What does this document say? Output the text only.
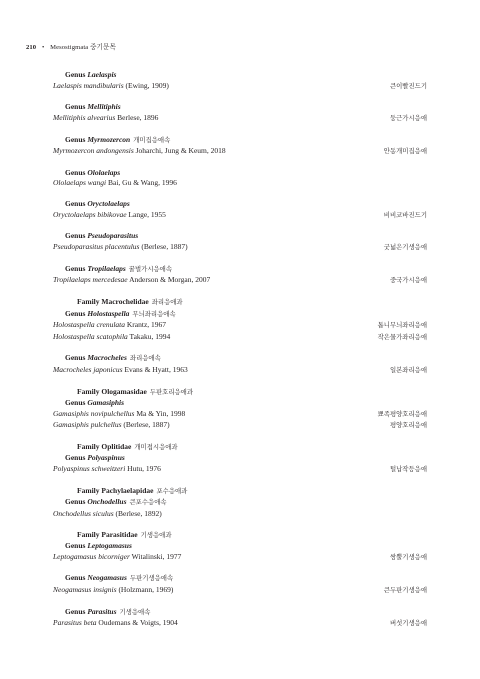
210 • Mesostigmata 중기문목
Genus Laelaspis
Laelaspis mandibularis (Ewing, 1909)	큰이빨진드기
Genus Mellitiphis
Mellitiphis alvearius Berlese, 1896	둥근가시응애
Genus Myrmozercon 개미집응애속
Myrmozercon andongensis Joharchi, Jung & Keum, 2018	안동개미집응애
Genus Ololaelaps
Ololaelaps wangi Bai, Gu & Wang, 1996
Genus Oryctolaelaps
Oryctolaelaps bibikovae Lange, 1955	비비코바진드기
Genus Pseudoparasitus
Pseudoparasitus placentulus (Berlese, 1887)	굿넓은기생응애
Genus Tropilaelaps 꿀벌가시응애속
Tropilaelaps mercedesae Anderson & Morgan, 2007	중국가시응애
Family Macrochelidae 좌리응애과
Genus Holostaspella 무늬좌리응애속
Holostaspella crenulata Krantz, 1967	톱니무늬좌리응애
Holostaspella scatophila Takaku, 1994	작은물가좌리응애
Genus Macrocheles 좌리응애속
Macrocheles japonicus Evans & Hyatt, 1963	일본좌리응애
Family Ologamasidae 두판호리응애과
Genus Gamasiphis
Gamasiphis novipulchellus Ma & Yin, 1998	뾰족평양호리응애
Gamasiphis pulchellus (Berlese, 1887)	평양호리응애
Family Oplitidae 개미접시응애과
Genus Polyaspinus
Polyaspinus schweitzeri Hutu, 1976	털납작등응애
Family Pachylaelapidae 포수응애과
Genus Onchodellus 큰포수응애속
Onchodellus siculus (Berlese, 1892)
Family Parasitidae 기생응애과
Genus Leptogamasus
Leptogamasus bicorniger Witalinski, 1977	쌍뿔기생응애
Genus Neogamasus 두판기생응애속
Neogamasus insignis (Holzmann, 1969)	큰두판기생응애
Genus Parasitus 기생응애속
Parasitus beta Oudemans & Voigts, 1904	버섯기생응애
